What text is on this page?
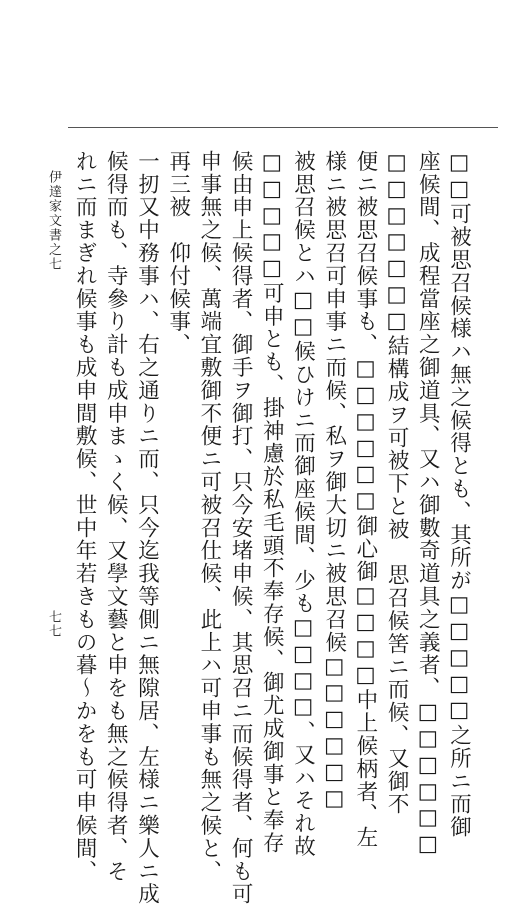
□□可被思召候様ハ無之候得とも、其所が□□□□□之所ニ而御
座候間、成程當座之御道具、又ハ御數奇道具之義者、□□□□□□
□□□□□□□結構成ヲ可被下と被　思召候筈ニ而候、又御不
便ニ被思召候事も、□□□□□□御心御□□□□中上候柄者、左
様ニ被思召可申事ニ而候、私ヲ御大切ニ被思召候□□□□□□
被思召候とハ□□候ひけニ而御座候間、少も□□□□、又ハそれ故
□□□□□可申とも、掛神慮於私毛頭不奉存候、御尤成御事と奉存
候由申上候得者、御手ヲ御打、只今安堵申候、其思召ニ而候得者、何も可
申事無之候、萬端宜敷御不便ニ可被召仕候、此上ハ可申事も無之候と、
再三被　仰付候事、
一扨又中務事ハ、右之通りニ而、只今迄我等側ニ無隙居、左様ニ樂人ニ成
候得而も、寺參り計も成申まゝく候、又學文藝と申をも無之候得者、そ
れニ而まぎれ候事も成申間敷候、世中年若きもの暮〜かをも可申候間、
伊達家文書之七
七七
